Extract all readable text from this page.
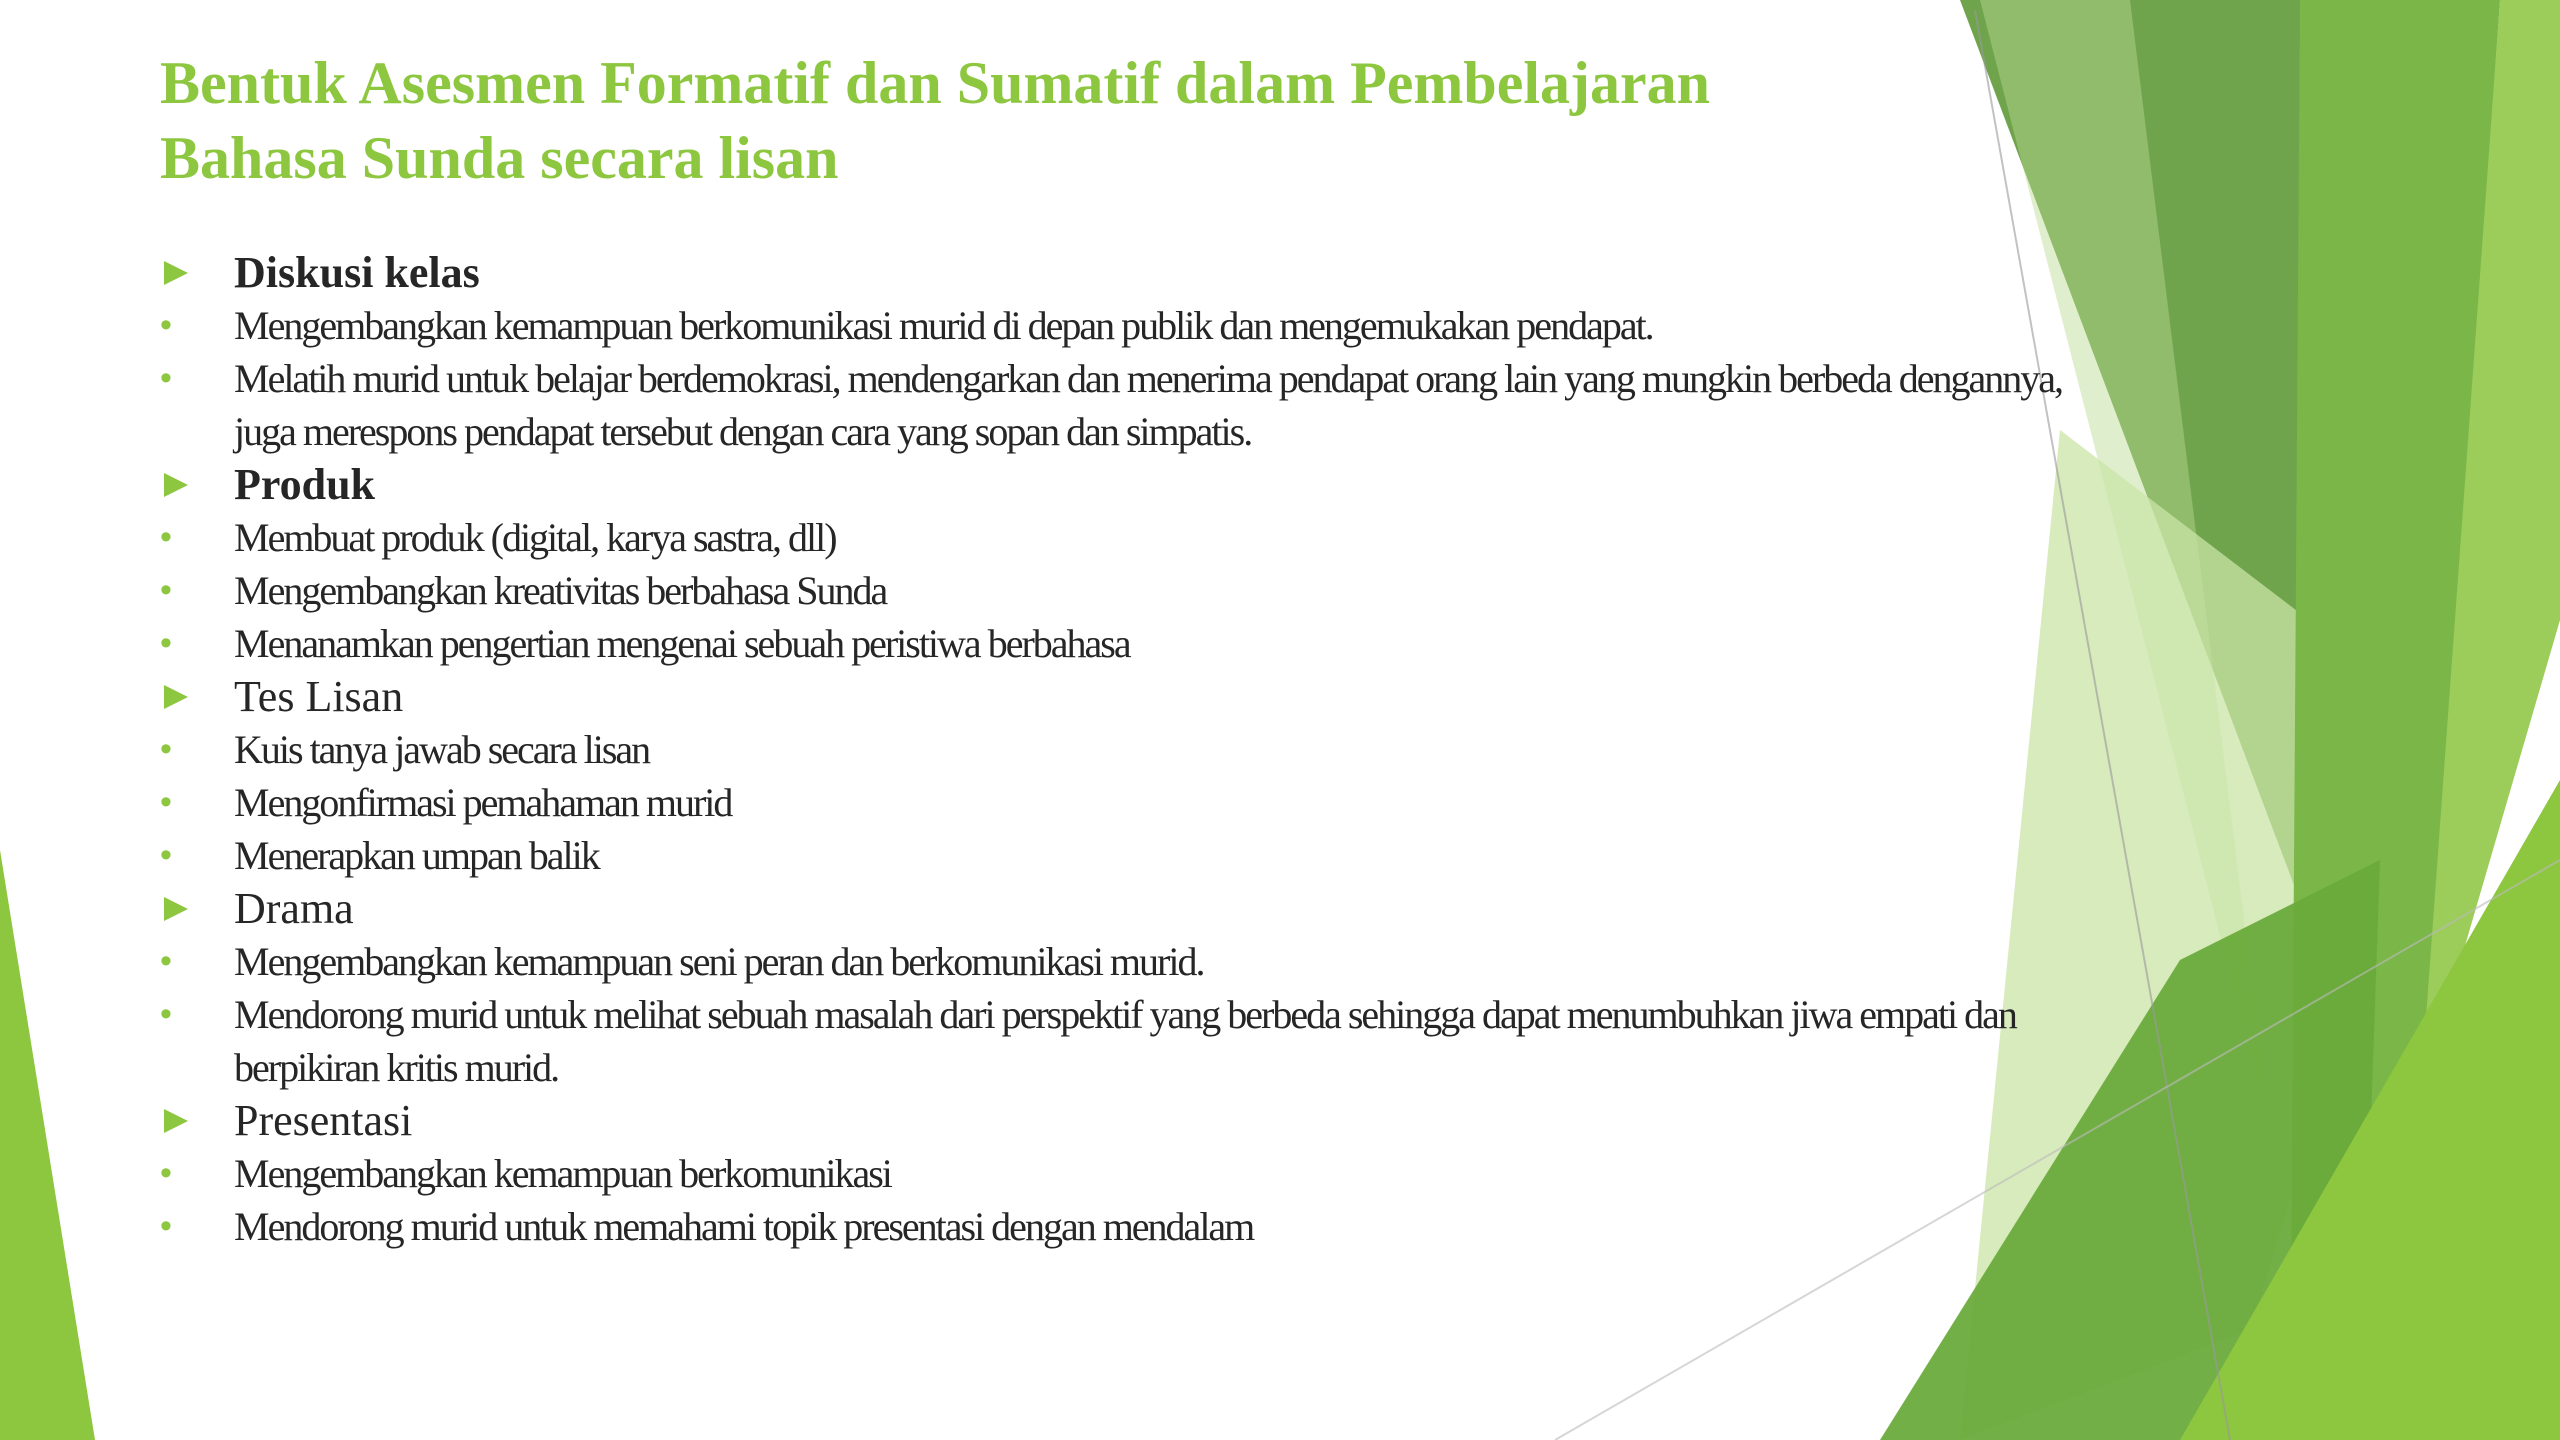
Bentuk Asesmen Formatif dan Sumatif dalam Pembelajaran
Bahasa Sunda secara lisan
Diskusi kelas
• Mengembangkan kemampuan berkomunikasi murid di depan publik dan mengemukakan pendapat.
• Melatih murid untuk belajar berdemokrasi, mendengarkan dan menerima pendapat orang lain yang mungkin berbeda dengannya,
juga merespons pendapat tersebut dengan cara yang sopan dan simpatis.
Produk
• Membuat produk (digital, karya sastra, dll)
• Mengembangkan kreativitas berbahasa Sunda
• Menanamkan pengertian mengenai sebuah peristiwa berbahasa
Tes Lisan
• Kuis tanya jawab secara lisan
• Mengonfirmasi pemahaman murid
• Menerapkan umpan balik
Drama
• Mengembangkan kemampuan seni peran dan berkomunikasi murid.
• Mendorong murid untuk melihat sebuah masalah dari perspektif yang berbeda sehingga dapat menumbuhkan jiwa empati dan
berpikiran kritis murid.
Presentasi
• Mengembangkan kemampuan berkomunikasi
• Mendorong murid untuk memahami topik presentasi dengan mendalam
